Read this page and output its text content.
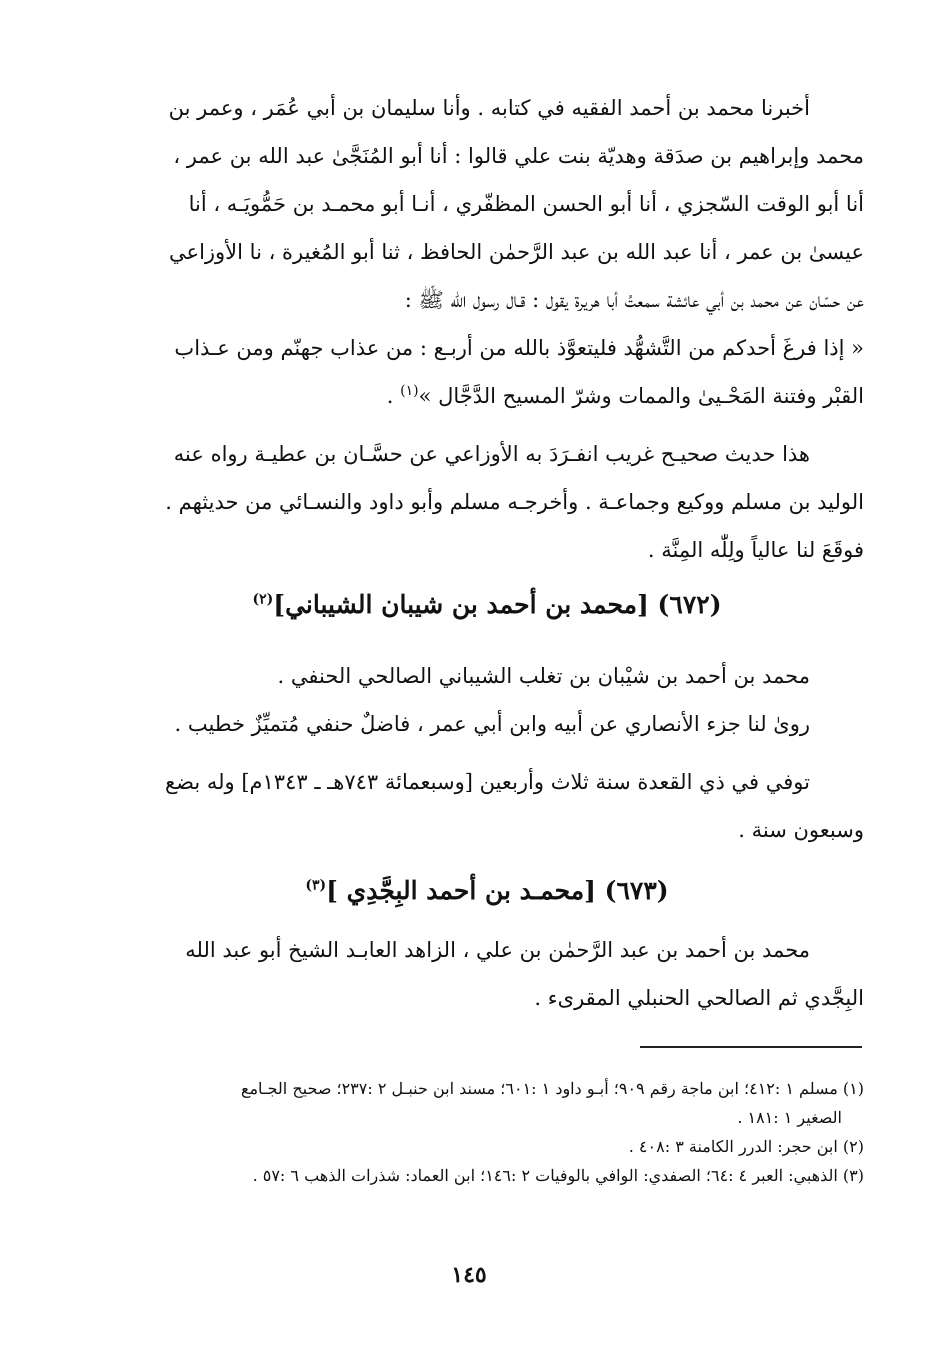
أخبرنا محمد بن أحمد الفقيه في كتابه . وأنا سليمان بن أبي عُمَر ، وعمر بن
محمد وإبراهيم بن صدَقة وهديّة بنت علي قالوا : أنا أبو المُنَجَّىٰ عبد الله بن عمر ،
أنا أبو الوقت السّجزي ، أنا أبو الحسن المظفّري ، أنـا أبو محمـد بن حَمُّويَـه ، أنا
عيسىٰ بن عمر ، أنا عبد الله بن عبد الرَّحمٰن الحافظ ، ثنا أبو المُغيرة ، نا الأوزاعي
عن حسّان عن محمد بن أبي عائشة سمعتُ أبا هريرة يقول : قـال رسول الله ﷺ :
« إذا فرغَ أحدكم من التَّشهُّد فليتعوَّذ بالله من أربـع : من عذاب جهنّم ومن عـذاب
القبْر وفتنة المَحْـيىٰ والممات وشرّ المسيح الدَّجَّال »$^{(١)}$ .
هذا حديث صحيـح غريب انفـرَدَ به الأوزاعي عن حسَّـان بن عطيـة رواه عنه
الوليد بن مسلم ووكيع وجماعـة . وأخرجـه مسلم وأبو داود والنسـائي من حديثهم .
فوقَعَ لنا عالياً ولِلّٰه المِنَّة .
(٦٧٢) [محمد بن أحمد بن شيبان الشيباني]$^{(٢)}$
محمد بن أحمد بن شيْبان بن تغلب الشيباني الصالحي الحنفي .
روىٰ لنا جزء الأنصاري عن أبيه وابن أبي عمر ، فاضلٌ حنفي مُتميِّزٌ خطيب .
توفي في ذي القعدة سنة ثلاث وأربعين [وسبعمائة ٧٤٣هـ ـ ١٣٤٣م] وله بضع
وسبعون سنة .
(٦٧٣) [محمـد بن أحمد البِجَّدِي ]$^{(٣)}$
محمد بن أحمد بن عبد الرَّحمٰن بن علي ، الزاهد العابـد الشيخ أبو عبد الله
البِجَّدي ثم الصالحي الحنبلي المقرىء .

(١) مسلم ١ :٤١٢؛ ابن ماجة رقم ٩٠٩؛ أبـو داود ١ :٦٠١؛ مسند ابن حنبـل ٢ :٢٣٧؛ صحيح الجـامع

الصغير ١ :١٨١ .

(٢) ابن حجر: الدرر الكامنة ٣ :٤٠٨ .

(٣) الذهبي: العبر ٤ :٦٤؛ الصفدي: الوافي بالوفيات ٢ :١٤٦؛ ابن العماد: شذرات الذهب ٦ :٥٧ .

١٤٥
